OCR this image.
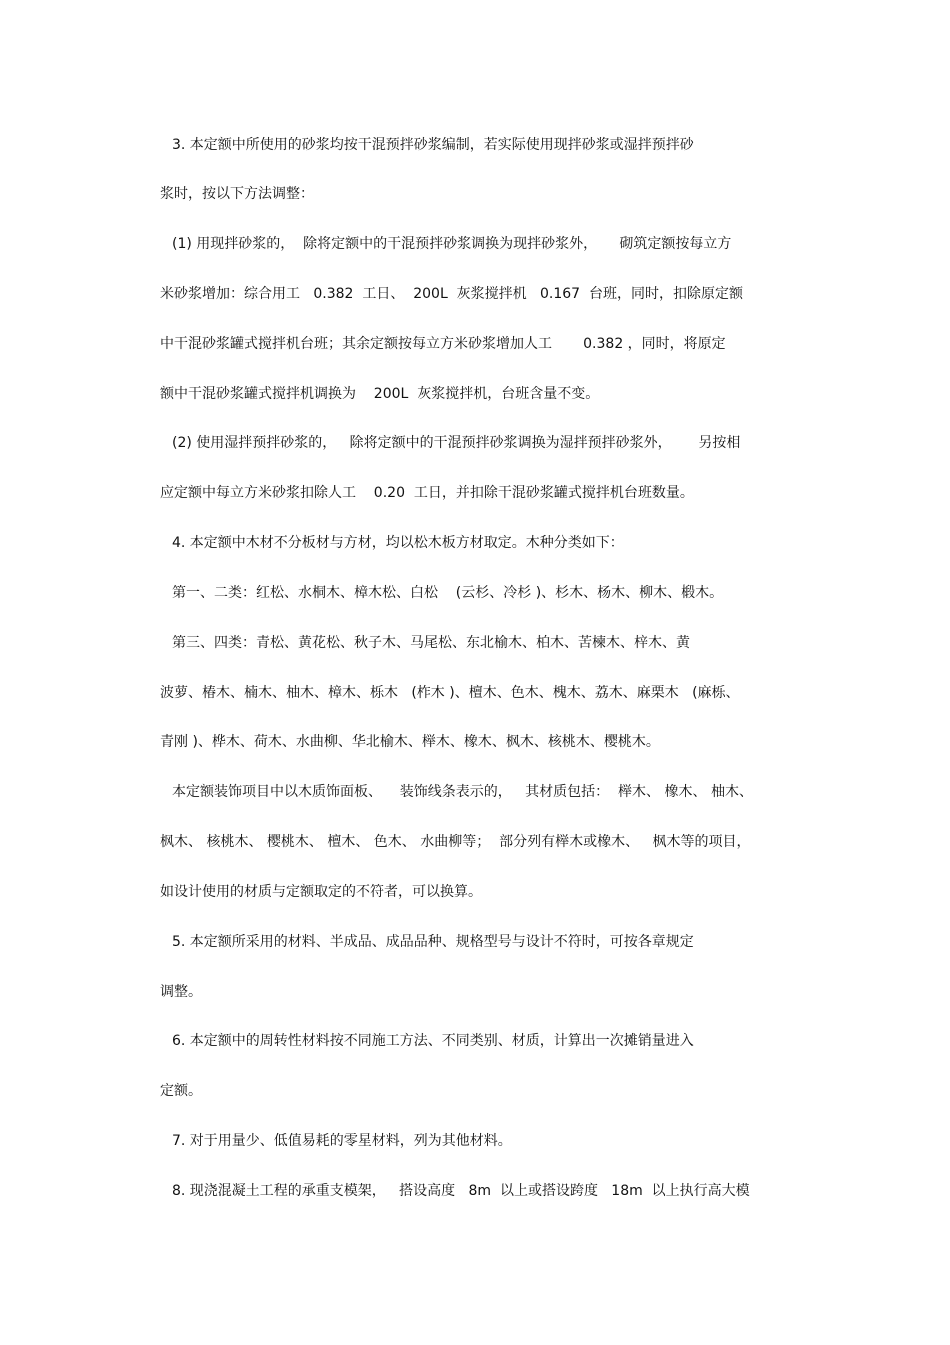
3. 本定额中所使用的砂浆均按干混预拌砂浆编制，若实际使用现拌砂浆或湿拌预拌砂
浆时，按以下方法调整：
(1) 用现拌砂浆的，  除将定额中的干混预拌砂浆调换为现拌砂浆外，     砌筑定额按每立方
米砂浆增加：综合用工   0.382  工日、  200L  灰浆搅拌机   0.167  台班，同时，扣除原定额
中干混砂浆罐式搅拌机台班；其余定额按每立方米砂浆增加人工       0.382 ，同时，将原定
额中干混砂浆罐式搅拌机调换为    200L  灰浆搅拌机，台班含量不变。
(2) 使用湿拌预拌砂浆的，   除将定额中的干混预拌砂浆调换为湿拌预拌砂浆外，      另按相
应定额中每立方米砂浆扣除人工    0.20  工日，并扣除干混砂浆罐式搅拌机台班数量。
4. 本定额中木材不分板材与方材，均以松木板方材取定。木种分类如下：
第一、二类：红松、水桐木、樟木松、白松    (云杉、冷杉 )、杉木、杨木、柳木、椴木。
第三、四类：青松、黄花松、秋子木、马尾松、东北榆木、柏木、苦楝木、梓木、黄
波萝、椿木、楠木、柚木、樟木、栎木   (柞木 )、檀木、色木、槐木、荔木、麻栗木   (麻栎、
青刚 )、桦木、荷木、水曲柳、华北榆木、榉木、橡木、枫木、核桃木、樱桃木。
本定额装饰项目中以木质饰面板、    装饰线条表示的，   其材质包括：  榉木、 橡木、 柚木、
枫木、 核桃木、 樱桃木、 檀木、 色木、 水曲柳等；  部分列有榉木或橡木、   枫木等的项目，
如设计使用的材质与定额取定的不符者，可以换算。
5. 本定额所采用的材料、半成品、成品品种、规格型号与设计不符时，可按各章规定
调整。
6. 本定额中的周转性材料按不同施工方法、不同类别、材质，计算出一次摊销量进入
定额。
7. 对于用量少、低值易耗的零星材料，列为其他材料。
8. 现浇混凝土工程的承重支模架，   搭设高度   8m  以上或搭设跨度   18m  以上执行高大模
